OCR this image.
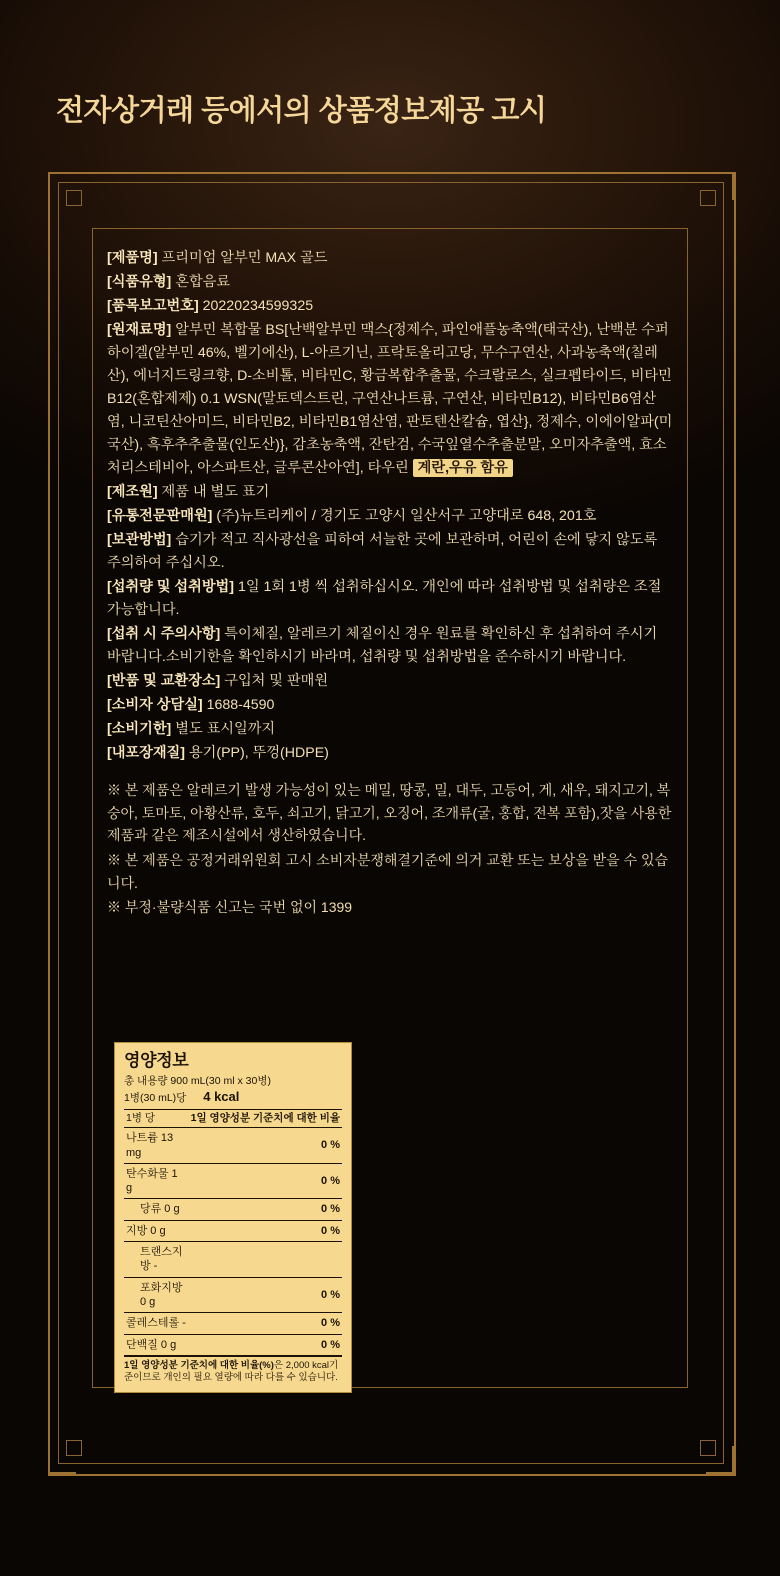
전자상거래 등에서의 상품정보제공 고시
[제품명] 프리미엄 알부민 MAX 골드
[식품유형] 혼합음료
[품목보고번호] 20220234599325
[원재료명] 알부민 복합물 BS[난백알부민 맥스{정제수, 파인애플농축액(태국산), 난백분 수퍼하이겔(알부민 46%, 벨기에산), L-아르기닌, 프락토올리고당, 무수구연산, 사과농축액(칠레산), 에너지드링크향, D-소비톨, 비타민C, 황금복합추출물, 수크랄로스, 실크펩타이드, 비타민B12(혼합제제) 0.1 WSN(말토덱스트린, 구연산나트륨, 구연산, 비타민B12), 비타민B6염산염, 니코틴산아미드, 비타민B2, 비타민B1염산염, 판토텐산칼슘, 엽산}, 정제수, 이에이알파(미국산), 흑후추추출물(인도산)}, 감초농축액, 잔탄검, 수국잎열수추출분말, 오미자추출액, 효소처리스테비아, 아스파트산, 글루콘산아연], 타우린 계란,우유 함유
[제조원] 제품 내 별도 표기
[유통전문판매원] (주)뉴트리케이 / 경기도 고양시 일산서구 고양대로 648, 201호
[보관방법] 습기가 적고 직사광선을 피하여 서늘한 곳에 보관하며, 어린이 손에 닿지 않도록 주의하여 주십시오.
[섭취량 및 섭취방법] 1일 1회 1병 씩 섭취하십시오. 개인에 따라 섭취방법 및 섭취량은 조절 가능합니다.
[섭취 시 주의사항] 특이체질, 알레르기 체질이신 경우 원료를 확인하신 후 섭취하여 주시기 바랍니다.소비기한을 확인하시기 바라며, 섭취량 및 섭취방법을 준수하시기 바랍니다.
[반품 및 교환장소] 구입처 및 판매원
[소비자 상담실] 1688-4590
[소비기한] 별도 표시일까지
[내포장재질] 용기(PP), 뚜껑(HDPE)

※ 본 제품은 알레르기 발생 가능성이 있는 메밀, 땅콩, 밀, 대두, 고등어, 게, 새우, 돼지고기, 복숭아, 토마토, 아황산류, 호두, 쇠고기, 닭고기, 오징어, 조개류(굴, 홍합, 전복 포함),잣을 사용한 제품과 같은 제조시설에서 생산하였습니다.

※ 본 제품은 공정거래위원회 고시 소비자분쟁해결기준에 의거 교환 또는 보상을 받을 수 있습니다.

※ 부정·불량식품 신고는 국번 없이 1399

영양정보
총 내용량 900 mL(30 ml x 30병)
1병(30 mL)당 4 kcal
1병 당	1일 영양성분 기준치에 대한 비율
나트륨 13 mg	0 %
탄수화물 1 g	0 %
당류 0 g	0 %
지방 0 g	0 %
트랜스지방 -	
포화지방 0 g	0 %
콜레스테롤 -	0 %
단백질 0 g	0 %
1일 영양성분 기준치에 대한 비율(%)은 2,000 kcal기준이므로 개인의 필요 열량에 따라 다를 수 있습니다.
